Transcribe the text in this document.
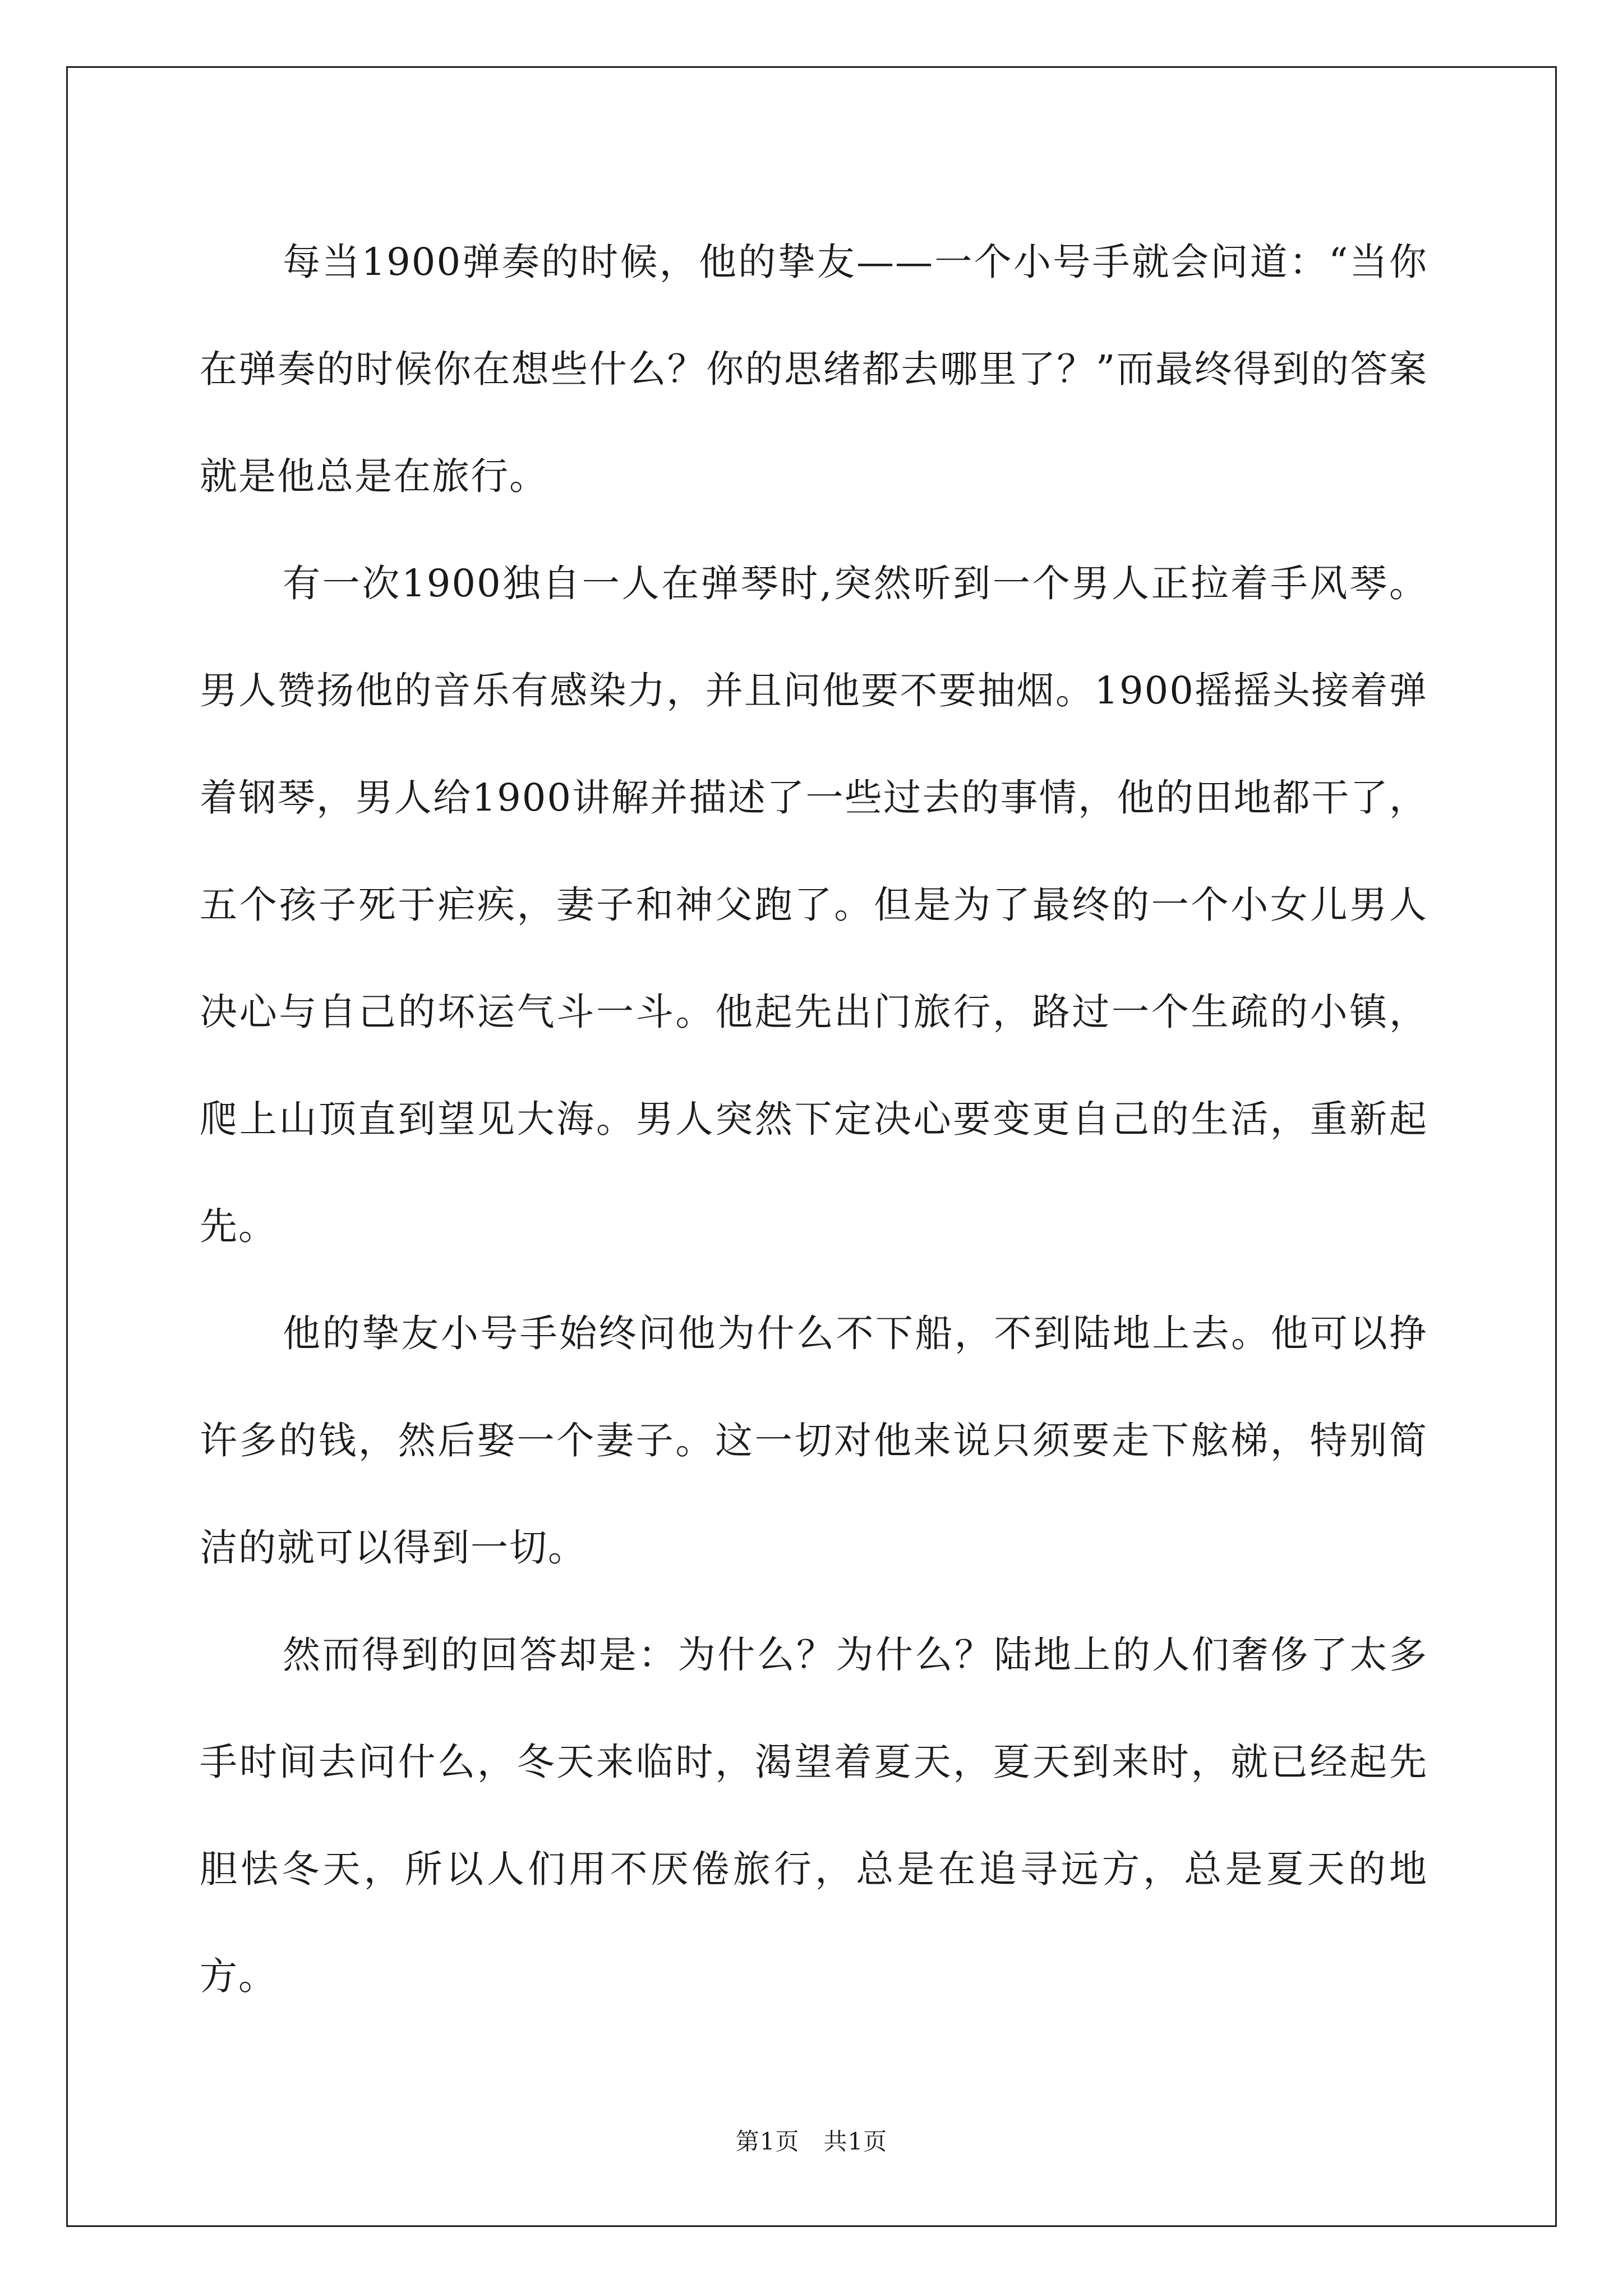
每当1900弹奏的时候，他的挚友——一个小号手就会问道：“当你在弹奏的时候你在想些什么？你的思绪都去哪里了？”而最终得到的答案就是他总是在旅行。

有一次1900独自一人在弹琴时,突然听到一个男人正拉着手风琴。男人赞扬他的音乐有感染力，并且问他要不要抽烟。1900摇摇头接着弹着钢琴，男人给1900讲解并描述了一些过去的事情，他的田地都干了，五个孩子死于疟疾，妻子和神父跑了。但是为了最终的一个小女儿男人决心与自己的坏运气斗一斗。他起先出门旅行，路过一个生疏的小镇，爬上山顶直到望见大海。男人突然下定决心要变更自己的生活，重新起先。

他的挚友小号手始终问他为什么不下船，不到陆地上去。他可以挣许多的钱，然后娶一个妻子。这一切对他来说只须要走下舷梯，特别简洁的就可以得到一切。

然而得到的回答却是：为什么？为什么？陆地上的人们奢侈了太多手时间去问什么，冬天来临时，渴望着夏天，夏天到来时，就已经起先胆怯冬天，所以人们用不厌倦旅行，总是在追寻远方，总是夏天的地方。

第1页 共1页
